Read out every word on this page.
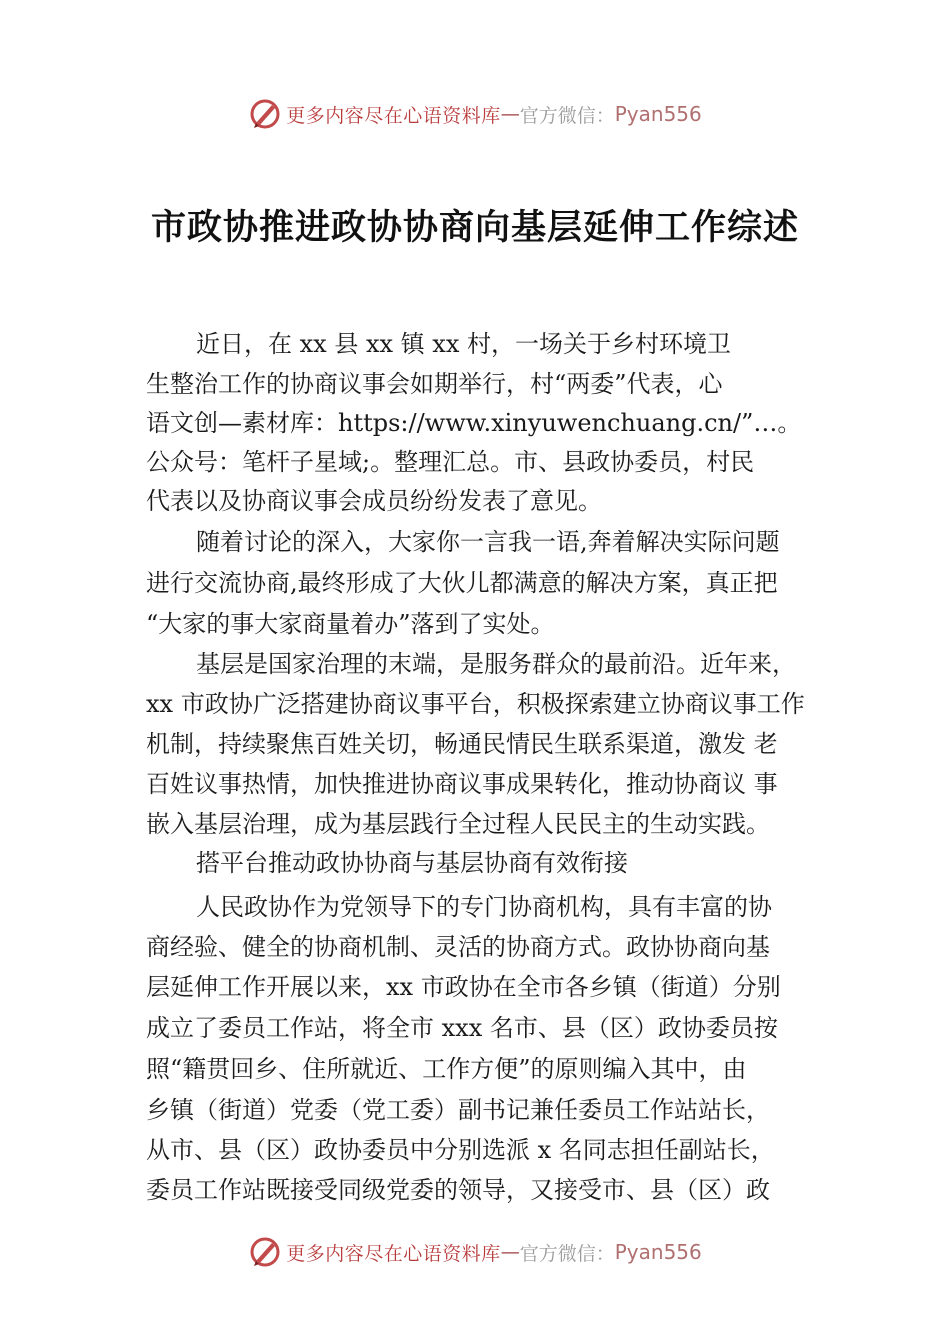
更多内容尽在心语资料库 — 官方微信： Pyan556
市政协推进政协协商向基层延伸工作综述
近日，在 xx 县 xx 镇 xx 村，一场关于乡村环境卫
生整治工作的协商议事会如期举行，村“两委”代表，心
语文创—素材库：https://www.xinyuwenchuang.cn/”…。
公众号：笔杆子星域;。整理汇总。市、县政协委员，村民
代表以及协商议事会成员纷纷发表了意见。
随着讨论的深入，大家你一言我一语,奔着解决实际问题
进行交流协商,最终形成了大伙儿都满意的解决方案，真正把
“大家的事大家商量着办”落到了实处。
基层是国家治理的末端，是服务群众的最前沿。近年来，
xx 市政协广泛搭建协商议事平台，积极探索建立协商议事工作
机制，持续聚焦百姓关切，畅通民情民生联系渠道，激发 老
百姓议事热情，加快推进协商议事成果转化，推动协商议 事
嵌入基层治理，成为基层践行全过程人民民主的生动实践。
搭平台推动政协协商与基层协商有效衔接
人民政协作为党领导下的专门协商机构，具有丰富的协
商经验、健全的协商机制、灵活的协商方式。政协协商向基
层延伸工作开展以来，xx 市政协在全市各乡镇（街道）分别
成立了委员工作站，将全市 xxx 名市、县（区）政协委员按
照“籍贯回乡、住所就近、工作方便”的原则编入其中，由
乡镇（街道）党委（党工委）副书记兼任委员工作站站长，
从市、县（区）政协委员中分别选派 x 名同志担任副站长，
委员工作站既接受同级党委的领导，又接受市、县（区）政
更多内容尽在心语资料库 — 官方微信： Pyan556
